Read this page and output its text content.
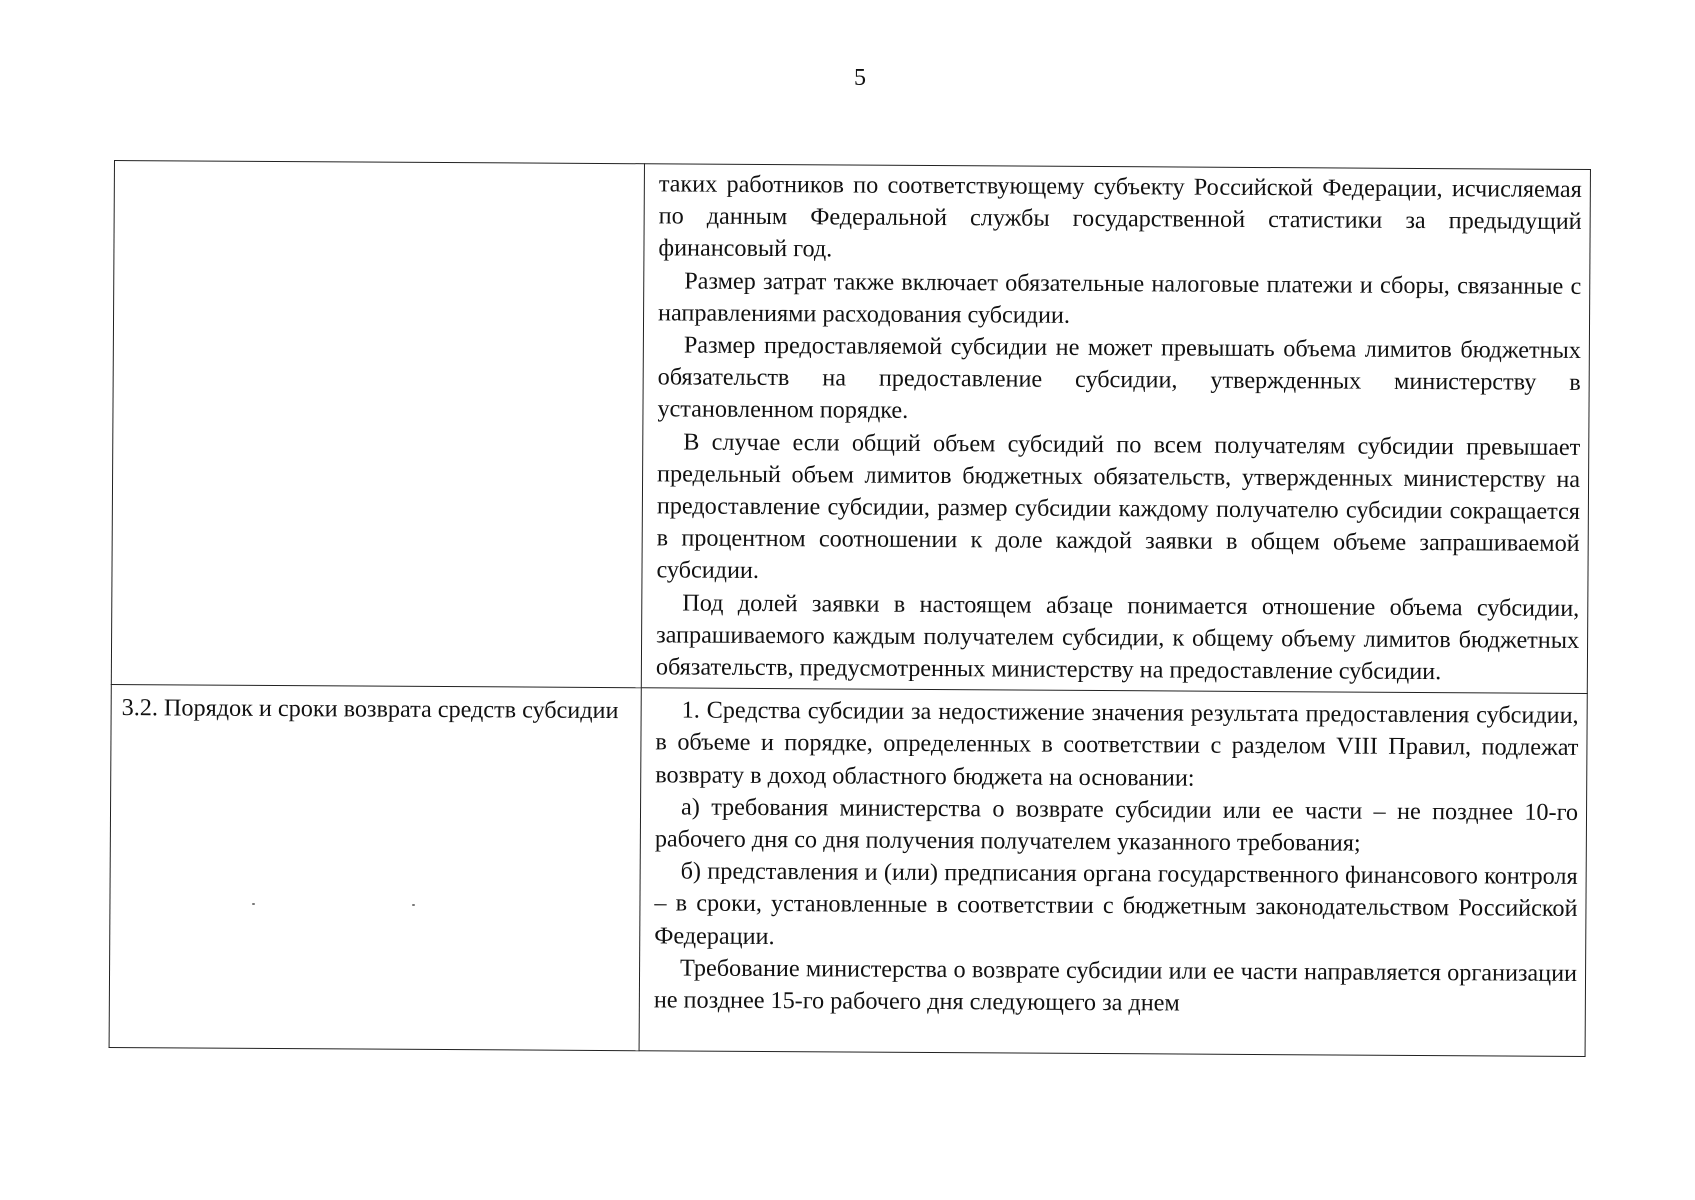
5

	таких работников по соответствующему субъекту Российской Федерации, исчисляемая по данным Федеральной службы государственной статистики за предыдущий финансовый год.

Размер затрат также включает обязательные налоговые платежи и сборы, связанные с направлениями расходования субсидии.

Размер предоставляемой субсидии не может превышать объема лимитов бюджетных обязательств на предоставление субсидии, утвержденных министерству в установленном порядке.

В случае если общий объем субсидий по всем получателям субсидии превышает предельный объем лимитов бюджетных обязательств, утвержденных министерству на предоставление субсидии, размер субсидии каждому получателю субсидии сокращается в процентном соотношении к доле каждой заявки в общем объеме запрашиваемой субсидии.

Под долей заявки в настоящем абзаце понимается отношение объема субсидии, запрашиваемого каждым получателем субсидии, к общему объему лимитов бюджетных обязательств, предусмотренных министерству на предоставление субсидии.

3.2. Порядок и сроки возврата средств субсидии	1. Средства субсидии за недостижение значения результата предоставления субсидии, в объеме и порядке, определенных в соответствии с разделом VIII Правил, подлежат возврату в доход областного бюджета на основании:

а) требования министерства о возврате субсидии или ее части – не позднее 10-го рабочего дня со дня получения получателем указанного требования;

б) представления и (или) предписания органа государственного финансового контроля – в сроки, установленные в соответствии с бюджетным законодательством Российской Федерации.

Требование министерства о возврате субсидии или ее части направляется организации не позднее 15-го рабочего дня следующего за днем
